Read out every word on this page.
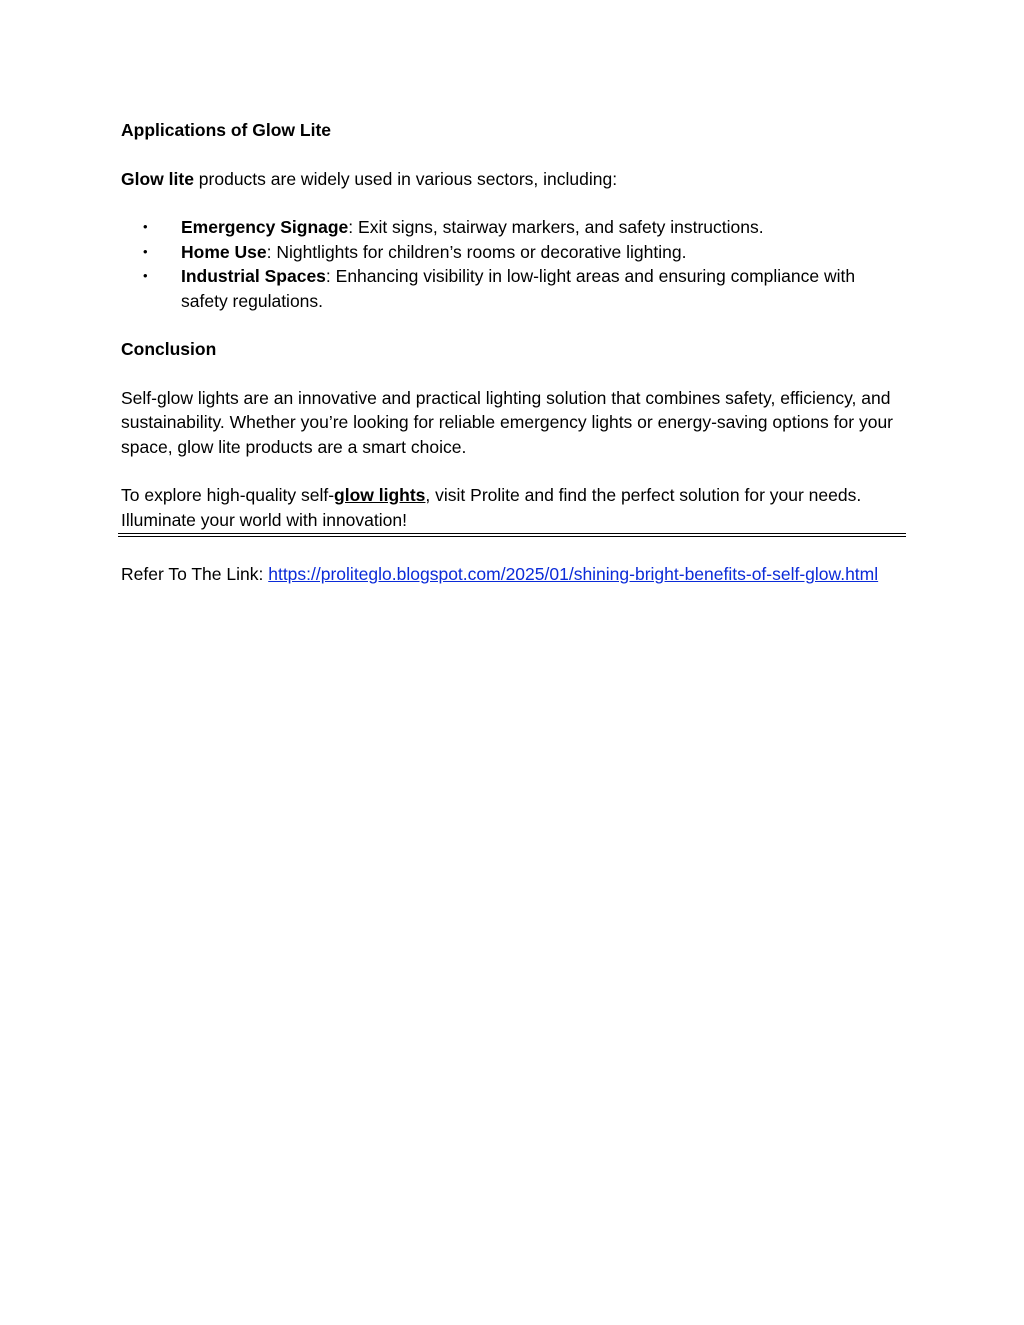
Applications of Glow Lite

Glow lite products are widely used in various sectors, including:

• Emergency Signage: Exit signs, stairway markers, and safety instructions.
• Home Use: Nightlights for children’s rooms or decorative lighting.
• Industrial Spaces: Enhancing visibility in low-light areas and ensuring compliance with safety regulations.

Conclusion

Self-glow lights are an innovative and practical lighting solution that combines safety, efficiency, and sustainability. Whether you’re looking for reliable emergency lights or energy-saving options for your space, glow lite products are a smart choice.

To explore high-quality self-glow lights, visit Prolite and find the perfect solution for your needs. Illuminate your world with innovation!

Refer To The Link: https://proliteglo.blogspot.com/2025/01/shining-bright-benefits-of-self-glow.html
